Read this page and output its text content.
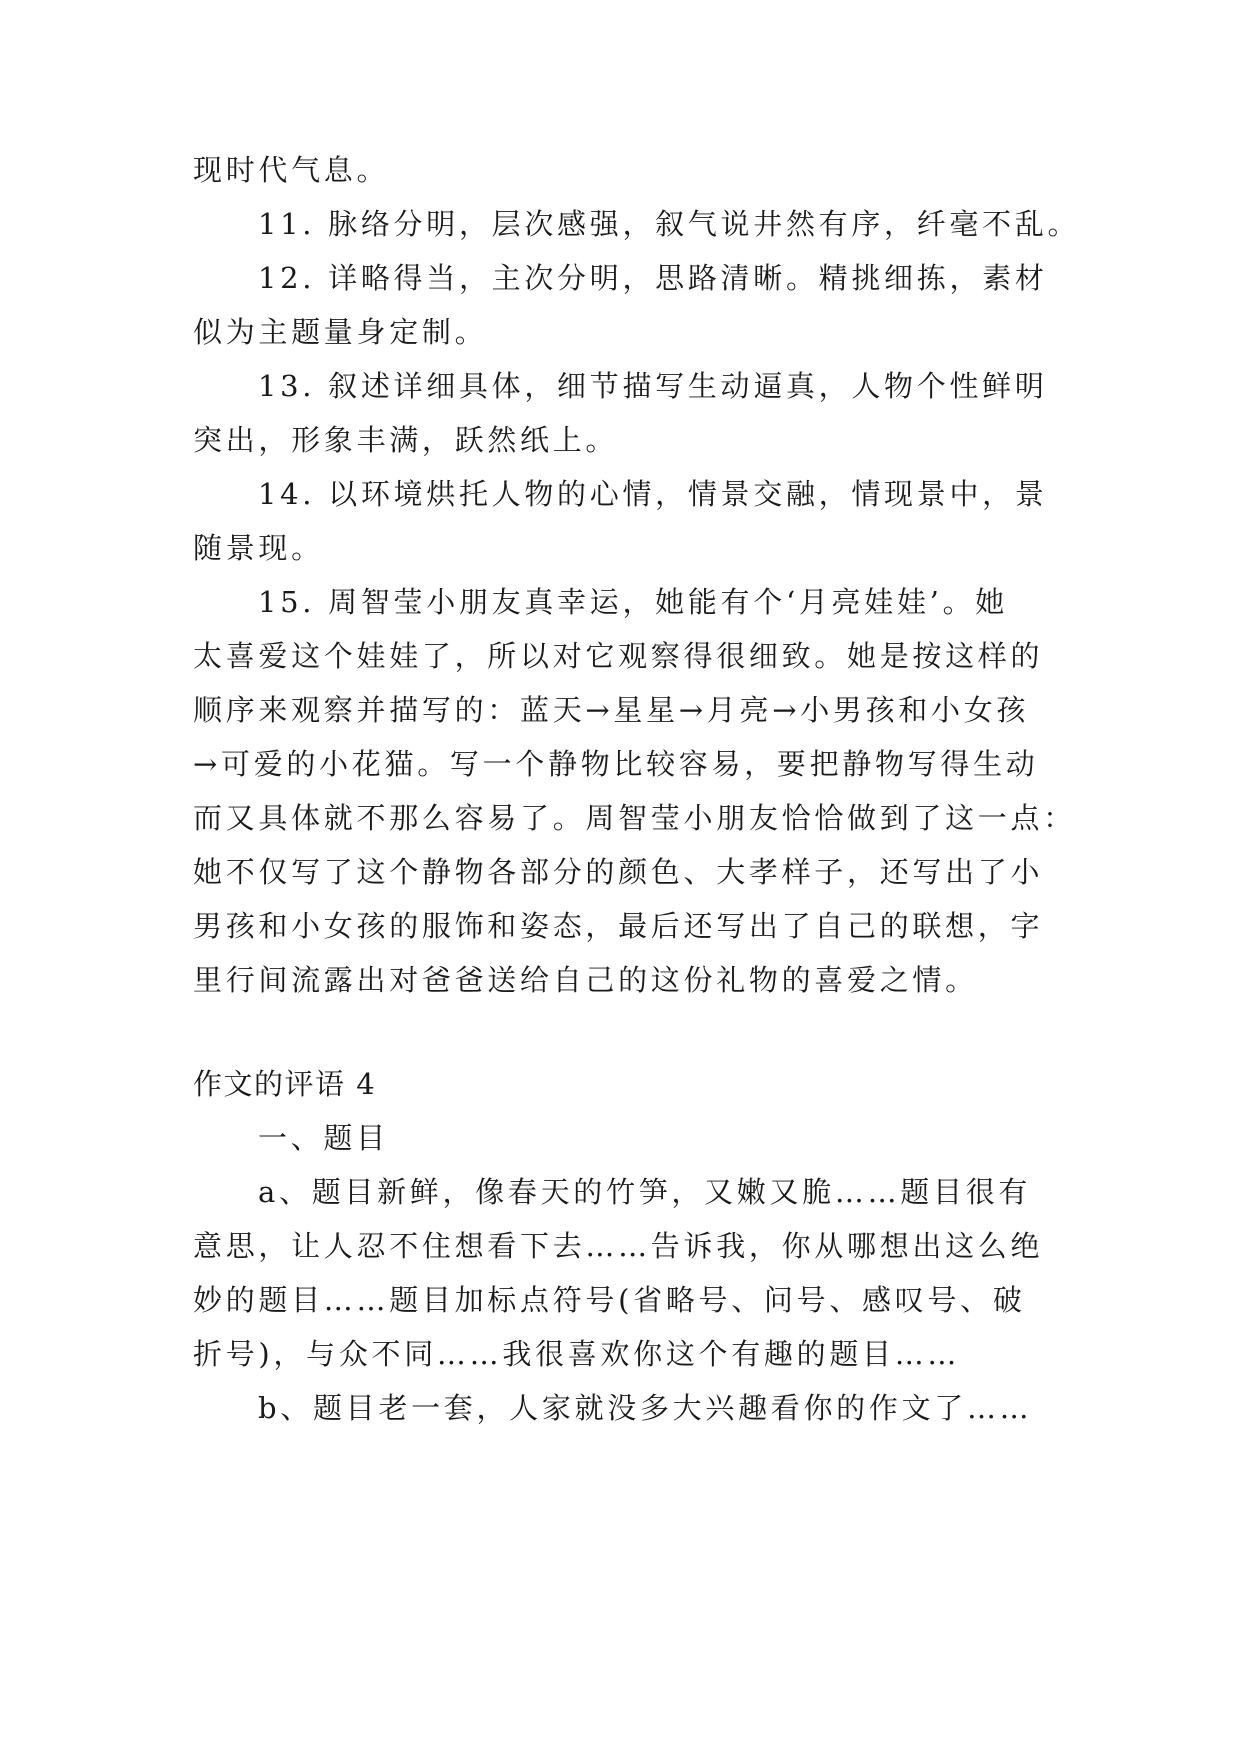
现时代气息。
11. 脉络分明，层次感强，叙气说井然有序，纤毫不乱。
12. 详略得当，主次分明，思路清晰。精挑细拣，素材
似为主题量身定制。
13. 叙述详细具体，细节描写生动逼真，人物个性鲜明
突出，形象丰满，跃然纸上。
14. 以环境烘托人物的心情，情景交融，情现景中，景
随景现。
15. 周智莹小朋友真幸运，她能有个‘月亮娃娃’。她
太喜爱这个娃娃了，所以对它观察得很细致。她是按这样的
顺序来观察并描写的：蓝天→星星→月亮→小男孩和小女孩
→可爱的小花猫。写一个静物比较容易，要把静物写得生动
而又具体就不那么容易了。周智莹小朋友恰恰做到了这一点：
她不仅写了这个静物各部分的颜色、大孝样子，还写出了小
男孩和小女孩的服饰和姿态，最后还写出了自己的联想，字
里行间流露出对爸爸送给自己的这份礼物的喜爱之情。
作文的评语 4
一、题目
a、题目新鲜，像春天的竹笋，又嫩又脆……题目很有
意思，让人忍不住想看下去……告诉我，你从哪想出这么绝
妙的题目……题目加标点符号(省略号、问号、感叹号、破
折号)，与众不同……我很喜欢你这个有趣的题目……
b、题目老一套，人家就没多大兴趣看你的作文了……
